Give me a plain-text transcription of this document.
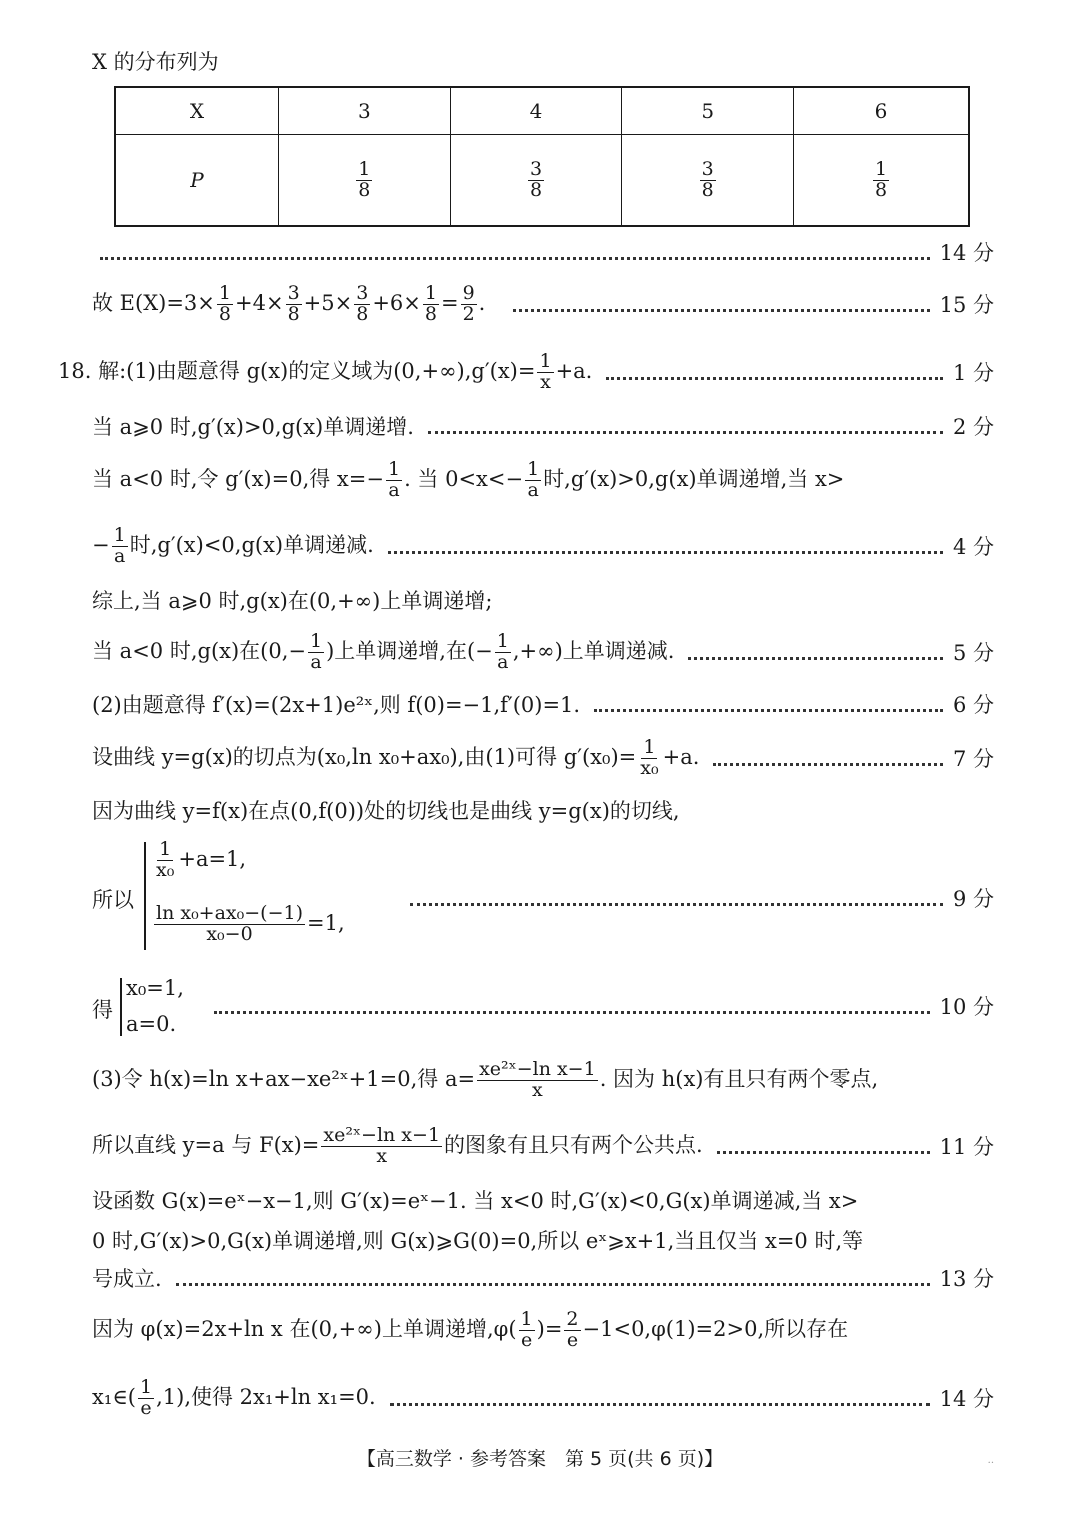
X 的分布列为
X	3	4	5	6
P	$\frac{1}{8}$	$\frac{3}{8}$	$\frac{3}{8}$	$\frac{1}{8}$
14 分
故 $E(X)=3\times \frac{1}{8} +4\times \frac{3}{8} +5\times \frac{3}{8} +6\times \frac{1}{8} = \frac{9}{2}$ .	15 分
18. 解:(1)由题意得 g(x)的定义域为$(0,+\infty),g'(x)= \frac{1}{x} +a$.	1 分
当 a⩾0 时,g′(x)>0,g(x)单调递增.	2 分
当 a<0 时,令 g′(x)=0,得 $x=- \frac{1}{a}$ . 当 $0<x<- \frac{1}{a}$ 时,g′(x)>0,g(x)单调递增,当 x>
− $\frac{1}{a}$ 时,g′(x)<0,g(x)单调递减.	4 分
综上,当 a⩾0 时,g(x)在(0,+∞)上单调递增;
当 a<0 时,g(x)在($0,- \frac{1}{a}$ )上单调递增,在(− $\frac{1}{a}$ ,+∞)上单调递减.	5 分
(2)由题意得 f′(x)=(2x+1)e²ˣ,则 f(0)=−1,f′(0)=1.	6 分
设曲线 y=g(x)的切点为(x₀,ln x₀+ax₀),由(1)可得 $g'(x_0)= \frac{1}{\text{x₀}} +a$.	7 分
因为曲线 y=f(x)在点(0,f(0))处的切线也是曲线 y=g(x)的切线,
所以
$\frac{1}{\text{x₀}} +a=1$,
$\frac{\text{ln x₀+ax₀−(−1)}}{\text{x₀−0}} =1$,
9 分
得
x₀=1,
a=0.
10 分
(3)令 h(x)=ln x+ax−xe²ˣ+1=0,得 $a= \frac{\text{xe²ˣ−ln x−1}}{x}$ . 因为 h(x)有且只有两个零点,
所以直线 y=a 与 $F(x)= \frac{\text{xe²ˣ−ln x−1}}{x}$ 的图象有且只有两个公共点.	11 分
设函数 G(x)=eˣ−x−1,则 G′(x)=eˣ−1. 当 x<0 时,G′(x)<0,G(x)单调递减,当 x>
0 时,G′(x)>0,G(x)单调递增,则 G(x)⩾G(0)=0,所以 eˣ⩾x+1,当且仅当 x=0 时,等
号成立.	13 分
因为 φ(x)=2x+ln x 在(0,+∞)上单调递增$,\varphi( \frac{1}{e}$ )= $\frac{2}{e} -1<0,\varphi(1)=2>0$,所以存在
x₁∈( $\frac{1}{e} ,1$),使得 2x₁+ln x₁=0.	14 分
【高三数学 · 参考答案　第 5 页(共 6 页)】	··
